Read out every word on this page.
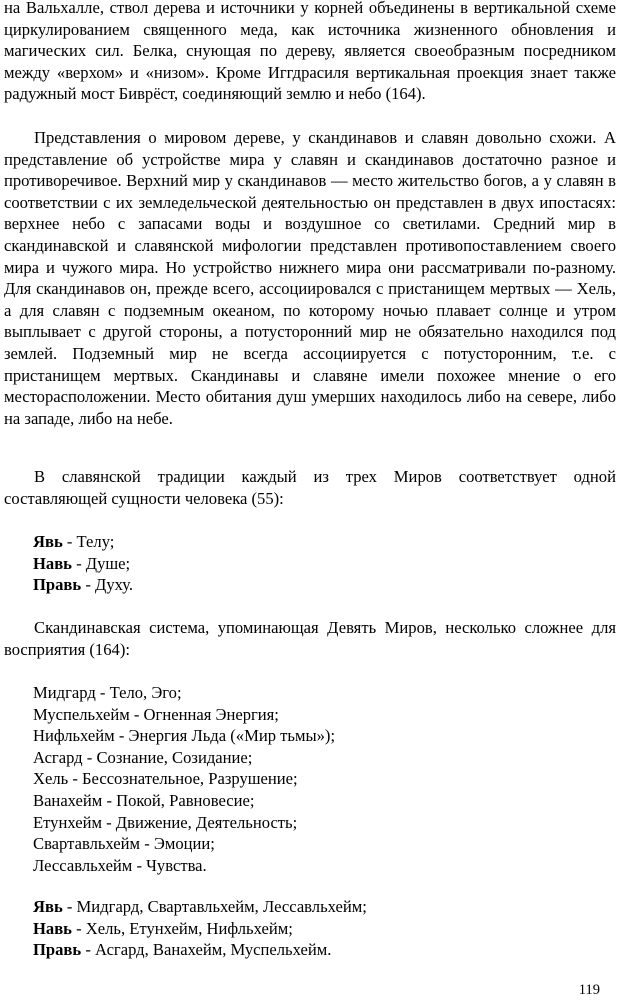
на Вальхалле, ствол дерева и источники у корней объединены в вертикальной схеме циркулированием священного меда, как источника жизненного обновления и магических сил. Белка, снующая по дереву, является своеобразным посредником между «верхом» и «низом». Кроме Иггдрасиля вертикальная проекция знает также радужный мост Биврёст, соединяющий землю и небо (164).

Представления о мировом дереве, у скандинавов и славян довольно схожи. А представление об устройстве мира у славян и скандинавов достаточно разное и противоречивое. Верхний мир у скандинавов — место жительство богов, а у славян в соответствии с их земледельческой деятельностью он представлен в двух ипостасях: верхнее небо с запасами воды и воздушное со светилами. Средний мир в скандинавской и славянской мифологии представлен противопоставлением своего мира и чужого мира. Но устройство нижнего мира они рассматривали по-разному. Для скандинавов он, прежде всего, ассоциировался с пристанищем мертвых — Хель, а для славян с подземным океаном, по которому ночью плавает солнце и утром выплывает с другой стороны, а потусторонний мир не обязательно находился под землей. Подземный мир не всегда ассоциируется с потусторонним, т.е. с пристанищем мертвых. Скандинавы и славяне имели похожее мнение о его месторасположении. Место обитания душ умерших находилось либо на севере, либо на западе, либо на небе.

В славянской традиции каждый из трех Миров соответствует одной составляющей сущности человека (55):

Явь - Телу;
Навь - Душе;
Правь - Духу.

Скандинавская система, упоминающая Девять Миров, несколько сложнее для восприятия (164):

Мидгард - Тело, Эго;
Муспельхейм - Огненная Энергия;
Нифльхейм - Энергия Льда («Мир тьмы»);
Асгард - Сознание, Созидание;
Хель - Бессознательное, Разрушение;
Ванахейм - Покой, Равновесие;
Етунхейм - Движение, Деятельность;
Свартавльхейм - Эмоции;
Лессавльхейм - Чувства.
Явь - Мидгард, Свартавльхейм, Лессавльхейм;
Навь - Хель, Етунхейм, Нифльхейм;
Правь - Асгард, Ванахейм, Муспельхейм.
119
